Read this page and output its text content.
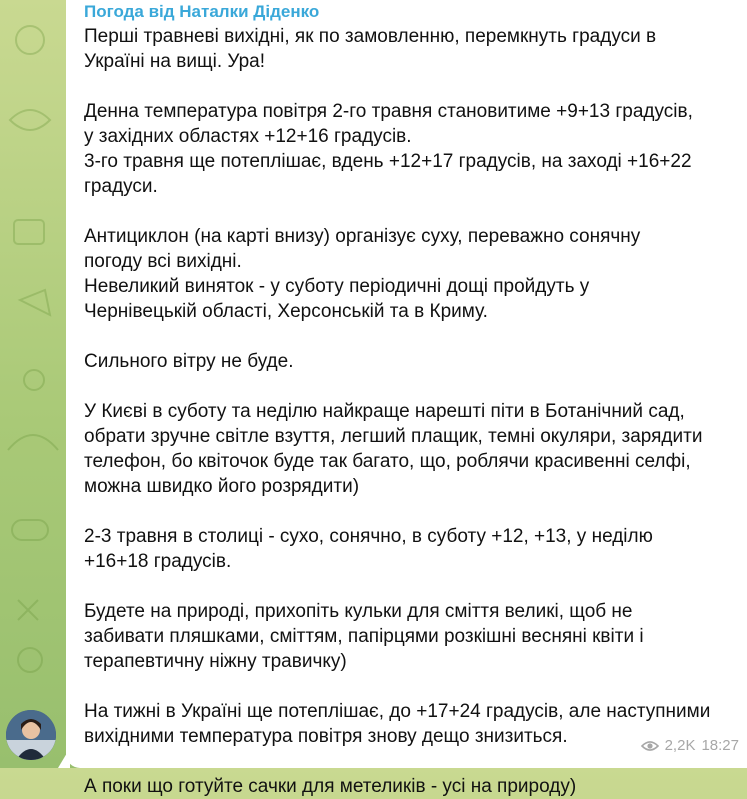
Погода від Наталки Діденко
Перші травневі вихідні, як по замовленню, перемкнуть градуси в
Україні на вищі. Ура!
Денна температура повітря 2-го травня становитиме +9+13 градусів,
у західних областях +12+16 градусів.
3-го травня ще потеплішає, вдень +12+17 градусів, на заході +16+22
градуси.
Антициклон (на карті внизу) організує суху, переважно сонячну
погоду всі вихідні.
Невеликий виняток - у суботу періодичні дощі пройдуть у
Чернівецькій області, Херсонській та в Криму.
Сильного вітру не буде.
У Києві в суботу та неділю найкраще нарешті піти в Ботанічний сад,
обрати зручне світле взуття, легший плащик, темні окуляри, зарядити
телефон, бо квіточок буде так багато, що, роблячи красивенні селфі,
можна швидко його розрядити)
2-3 травня в столиці - сухо, сонячно, в суботу +12, +13, у неділю
+16+18 градусів.
Будете на природі, прихопіть кульки для сміття великі, щоб не
забивати пляшками, сміттям, папірцями розкішні весняні квіти і
терапевтичну ніжну травичку)
На тижні в Україні ще потеплішає, до +17+24 градусів, але наступними
вихідними температура повітря знову дещо знизиться.
А поки що готуйте сачки для метеликів - усі на природу)
2,2K 18:27
